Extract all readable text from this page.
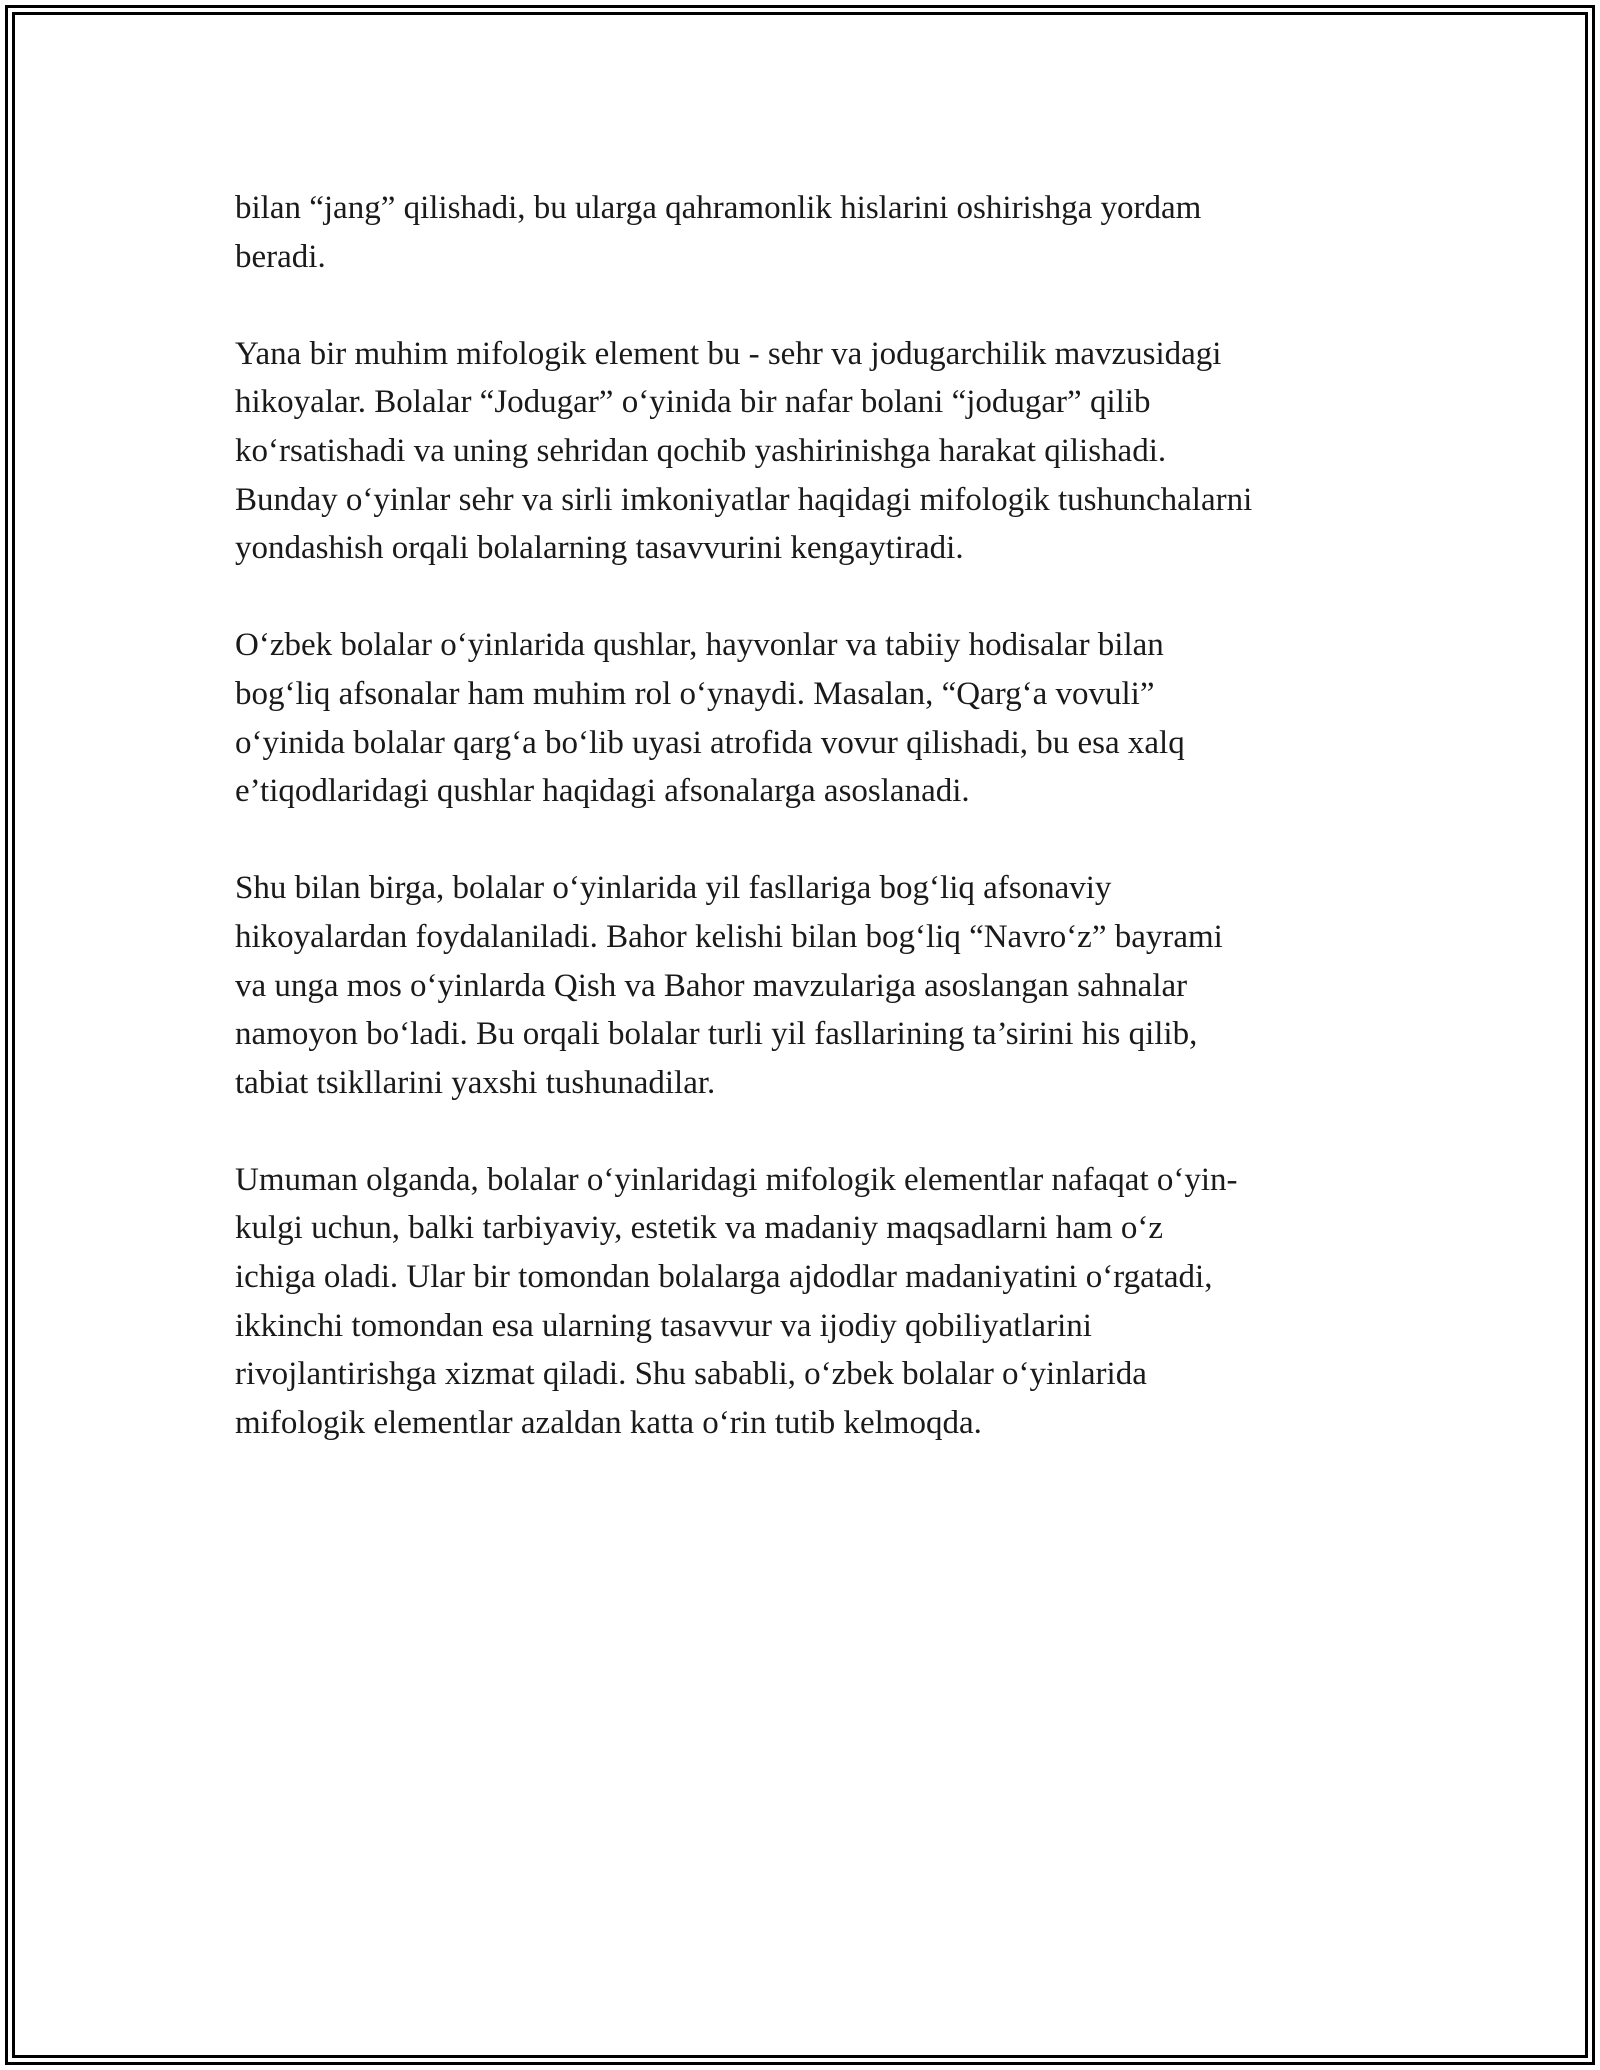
bilan “jang” qilishadi, bu ularga qahramonlik hislarini oshirishga yordam
beradi.

Yana bir muhim mifologik element bu - sehr va jodugarchilik mavzusidagi
hikoyalar. Bolalar “Jodugar” o‘yinida bir nafar bolani “jodugar” qilib
ko‘rsatishadi va uning sehridan qochib yashirinishga harakat qilishadi.
Bunday o‘yinlar sehr va sirli imkoniyatlar haqidagi mifologik tushunchalarni
yondashish orqali bolalarning tasavvurini kengaytiradi.

O‘zbek bolalar o‘yinlarida qushlar, hayvonlar va tabiiy hodisalar bilan
bog‘liq afsonalar ham muhim rol o‘ynaydi. Masalan, “Qarg‘a vovuli”
o‘yinida bolalar qarg‘a bo‘lib uyasi atrofida vovur qilishadi, bu esa xalq
e’tiqodlaridagi qushlar haqidagi afsonalarga asoslanadi.

Shu bilan birga, bolalar o‘yinlarida yil fasllariga bog‘liq afsonaviy
hikoyalardan foydalaniladi. Bahor kelishi bilan bog‘liq “Navro‘z” bayrami
va unga mos o‘yinlarda Qish va Bahor mavzulariga asoslangan sahnalar
namoyon bo‘ladi. Bu orqali bolalar turli yil fasllarining ta’sirini his qilib,
tabiat tsikllarini yaxshi tushunadilar.

Umuman olganda, bolalar o‘yinlaridagi mifologik elementlar nafaqat o‘yin-
kulgi uchun, balki tarbiyaviy, estetik va madaniy maqsadlarni ham o‘z
ichiga oladi. Ular bir tomondan bolalarga ajdodlar madaniyatini o‘rgatadi,
ikkinchi tomondan esa ularning tasavvur va ijodiy qobiliyatlarini
rivojlantirishga xizmat qiladi. Shu sababli, o‘zbek bolalar o‘yinlarida
mifologik elementlar azaldan katta o‘rin tutib kelmoqda.
